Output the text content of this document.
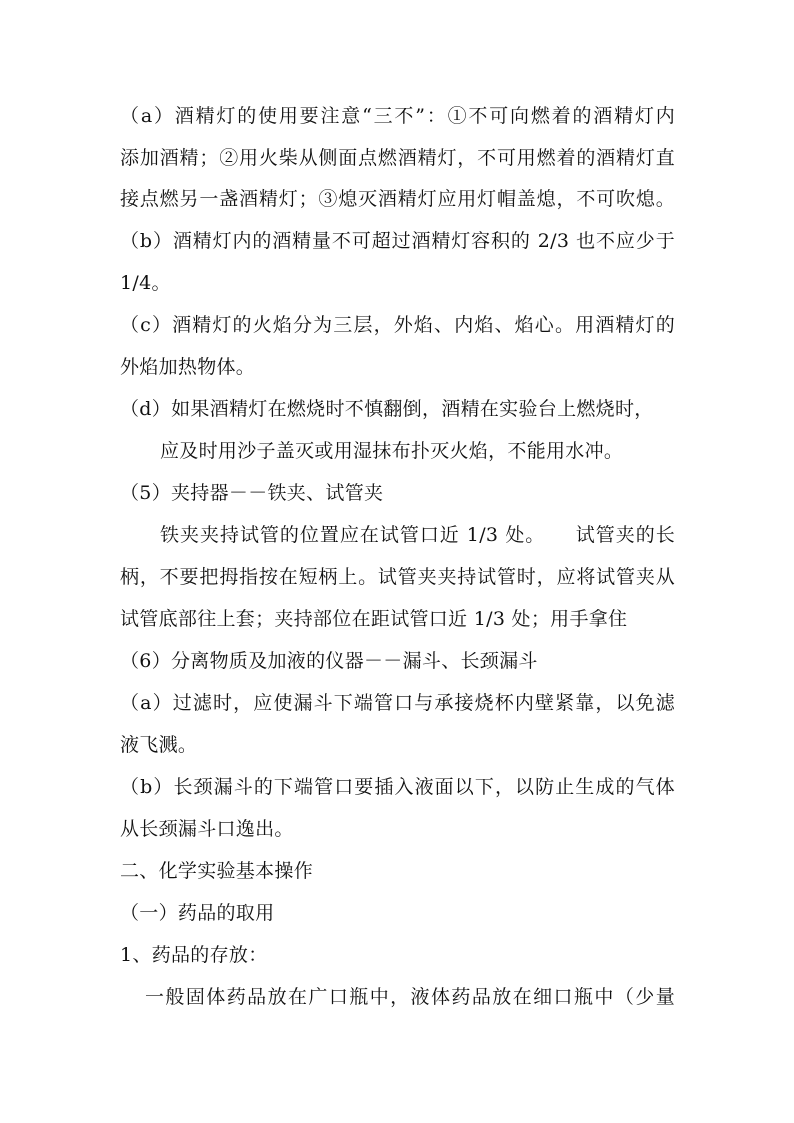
（a）酒精灯的使用要注意“三不”：①不可向燃着的酒精灯内
添加酒精；②用火柴从侧面点燃酒精灯，不可用燃着的酒精灯直
接点燃另一盏酒精灯；③熄灭酒精灯应用灯帽盖熄，不可吹熄。
（b）酒精灯内的酒精量不可超过酒精灯容积的 2/3 也不应少于
1/4。
（c）酒精灯的火焰分为三层，外焰、内焰、焰心。用酒精灯的
外焰加热物体。
（d）如果酒精灯在燃烧时不慎翻倒，酒精在实验台上燃烧时，
应及时用沙子盖灭或用湿抹布扑灭火焰，不能用水冲。
（5）夹持器－－铁夹、试管夹
铁夹夹持试管的位置应在试管口近 1/3 处。　　试管夹的长
柄，不要把拇指按在短柄上。试管夹夹持试管时，应将试管夹从
试管底部往上套；夹持部位在距试管口近 1/3 处；用手拿住
（6）分离物质及加液的仪器－－漏斗、长颈漏斗
（a）过滤时，应使漏斗下端管口与承接烧杯内壁紧靠，以免滤
液飞溅。
（b）长颈漏斗的下端管口要插入液面以下，以防止生成的气体
从长颈漏斗口逸出。
二、化学实验基本操作
（一）药品的取用
1、药品的存放：
一般固体药品放在广口瓶中，液体药品放在细口瓶中（少量
